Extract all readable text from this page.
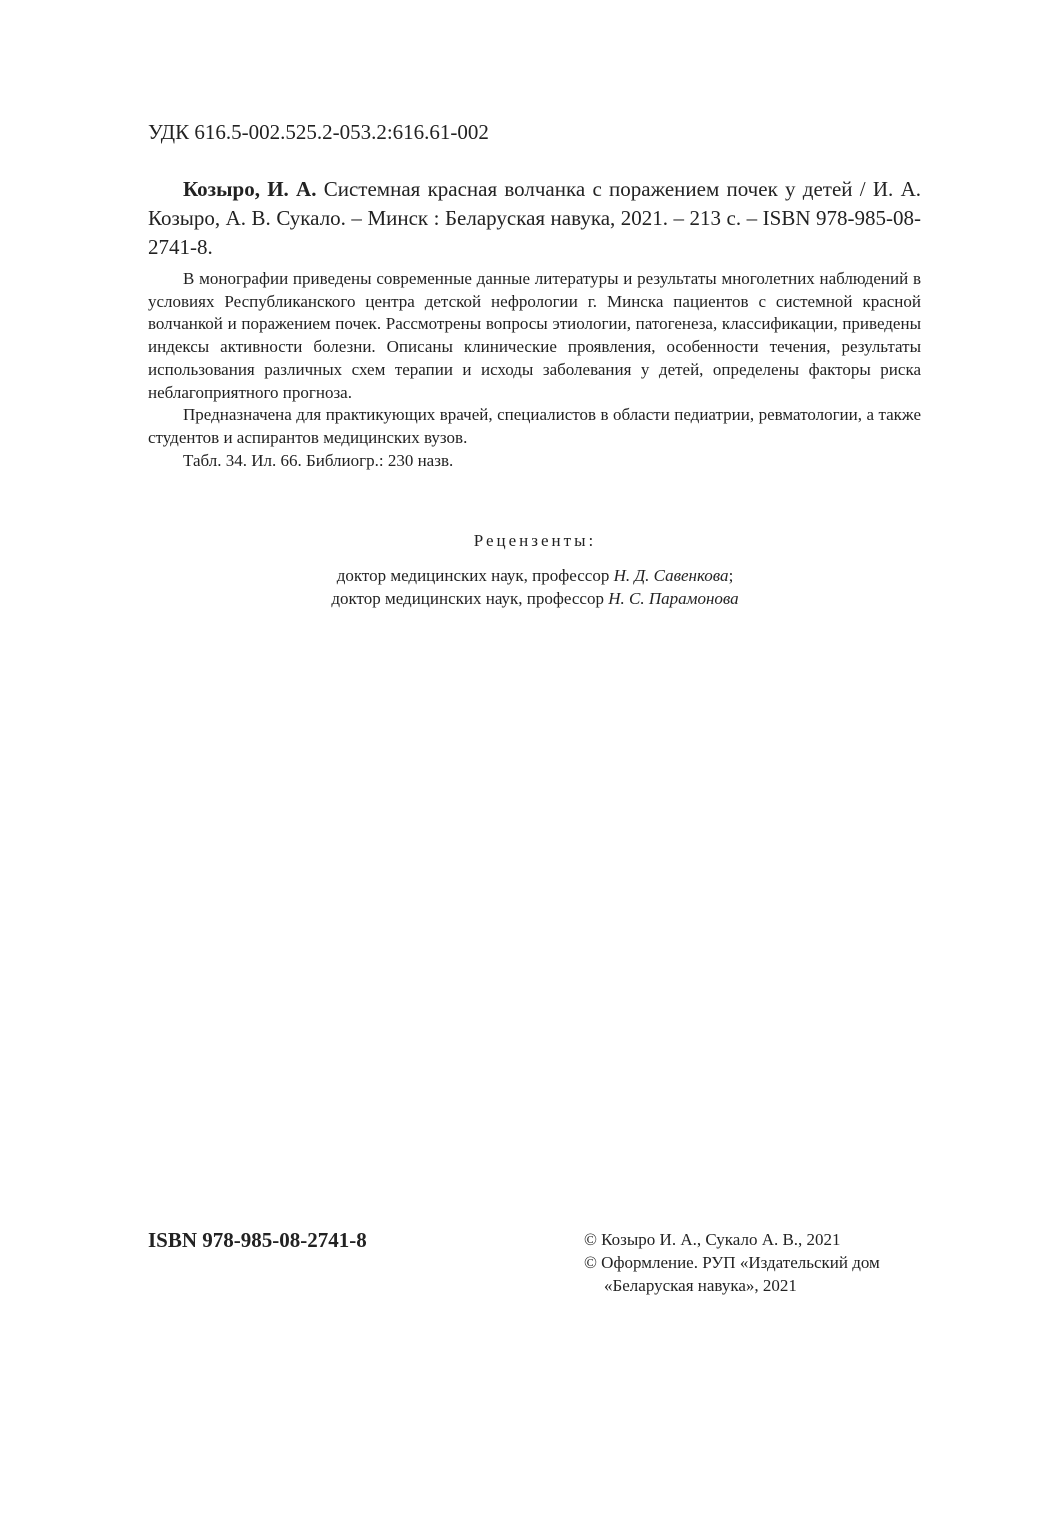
УДК 616.5-002.525.2-053.2:616.61-002
Козыро, И. А. Системная красная волчанка с поражением почек у детей / И. А. Козыро, А. В. Сукало. – Минск : Беларуская навука, 2021. – 213 с. – ISBN 978-985-08-2741-8.

В монографии приведены современные данные литературы и результаты многолетних наблюдений в условиях Республиканского центра детской нефрологии г. Минска пациентов с системной красной волчанкой и поражением почек. Рассмотрены вопросы этиологии, патогенеза, классификации, приведены индексы активности болезни. Описаны клинические проявления, особенности течения, результаты использования различных схем терапии и исходы заболевания у детей, определены факторы риска неблагоприятного прогноза.

Предназначена для практикующих врачей, специалистов в области педиатрии, ревматологии, а также студентов и аспирантов медицинских вузов.

Табл. 34. Ил. 66. Библиогр.: 230 назв.

Рецензенты:
доктор медицинских наук, профессор Н. Д. Савенкова;
доктор медицинских наук, профессор Н. С. Парамонова
ISBN 978-985-08-2741-8	© Козыро И. А., Сукало А. В., 2021
© Оформление. РУП «Издательский дом
«Беларуская навука», 2021
